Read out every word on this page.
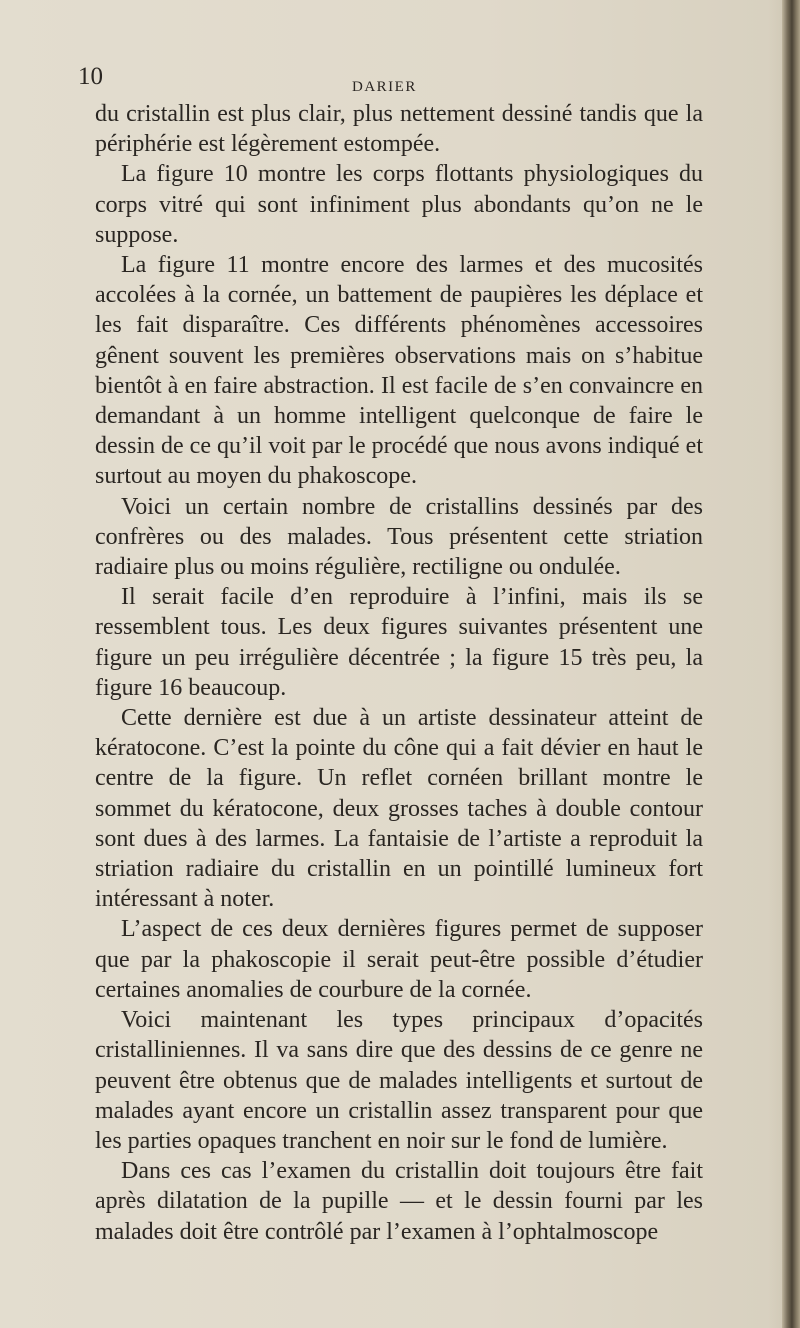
10	DARIER

du cristallin est plus clair, plus nettement dessiné tandis que la périphérie est légèrement estompée.

La figure 10 montre les corps flottants physiologiques du corps vitré qui sont infiniment plus abondants qu’on ne le suppose.

La figure 11 montre encore des larmes et des mucosités accolées à la cornée, un battement de paupières les déplace et les fait disparaître. Ces différents phénomènes accessoires gênent souvent les premières observations mais on s’habitue bientôt à en faire abstraction. Il est facile de s’en convaincre en demandant à un homme intelligent quelconque de faire le dessin de ce qu’il voit par le procédé que nous avons indiqué et surtout au moyen du phakoscope.

Voici un certain nombre de cristallins dessinés par des confrères ou des malades. Tous présentent cette striation radiaire plus ou moins régulière, rectiligne ou ondulée.

Il serait facile d’en reproduire à l’infini, mais ils se ressemblent tous. Les deux figures suivantes présentent une figure un peu irrégulière décentrée ; la figure 15 très peu, la figure 16 beaucoup.

Cette dernière est due à un artiste dessinateur atteint de kératocone. C’est la pointe du cône qui a fait dévier en haut le centre de la figure. Un reflet cornéen brillant montre le sommet du kératocone, deux grosses taches à double contour sont dues à des larmes. La fantaisie de l’artiste a reproduit la striation radiaire du cristallin en un pointillé lumineux fort intéressant à noter.

L’aspect de ces deux dernières figures permet de supposer que par la phakoscopie il serait peut-être possible d’étudier certaines anomalies de courbure de la cornée.

Voici maintenant les types principaux d’opacités cristalliniennes. Il va sans dire que des dessins de ce genre ne peuvent être obtenus que de malades intelligents et surtout de malades ayant encore un cristallin assez transparent pour que les parties opaques tranchent en noir sur le fond de lumière.

Dans ces cas l’examen du cristallin doit toujours être fait après dilatation de la pupille — et le dessin fourni par les malades doit être contrôlé par l’examen à l’ophtalmoscope
